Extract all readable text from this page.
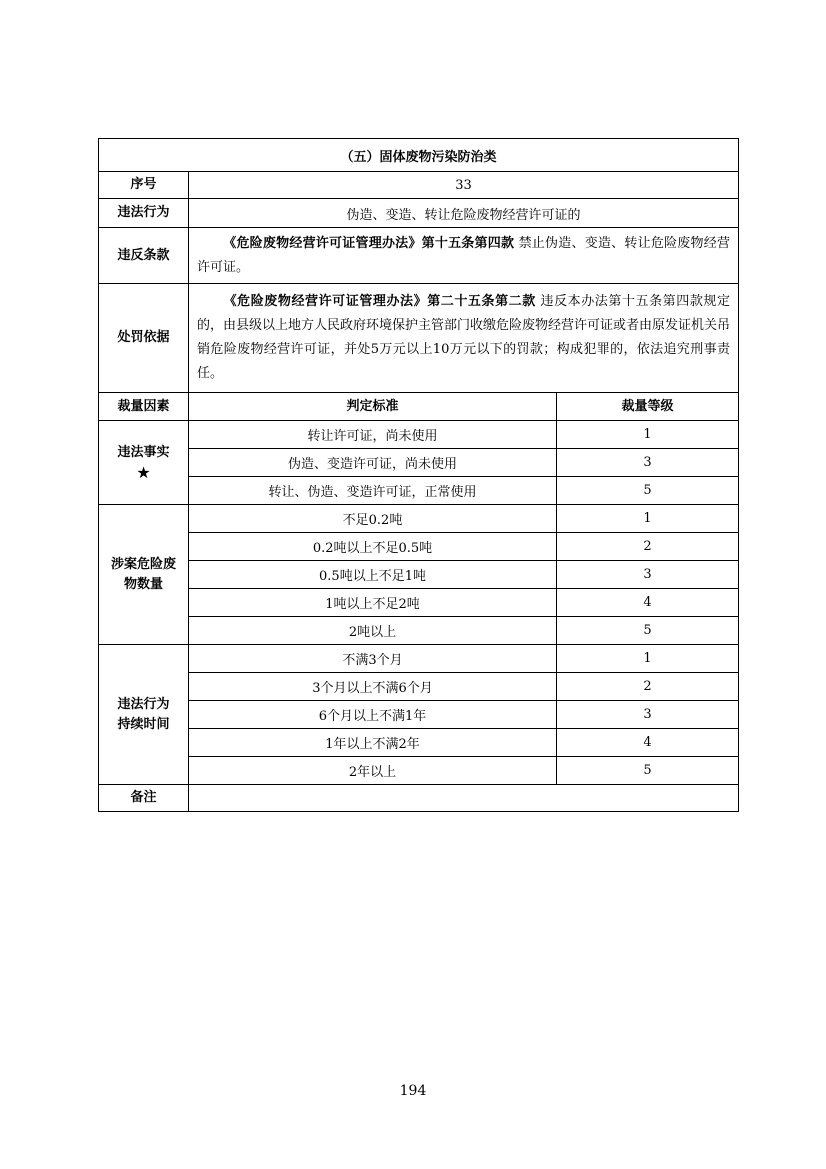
（五）固体废物污染防治类		
序号	33	
违法行为	伪造、变造、转让危险废物经营许可证的	
违反条款	《危险废物经营许可证管理办法》第十五条第四款 禁止伪造、变造、转让危险废物经营许可证。	
处罚依据	《危险废物经营许可证管理办法》第二十五条第二款 违反本办法第十五条第四款规定的，由县级以上地方人民政府环境保护主管部门收缴危险废物经营许可证或者由原发证机关吊销危险废物经营许可证，并处5万元以上10万元以下的罚款；构成犯罪的，依法追究刑事责任。	
裁量因素	判定标准	裁量等级

违法事实
★	转让许可证，尚未使用	1
	伪造、变造许可证，尚未使用	3
	转让、伪造、变造许可证，正常使用	5

涉案危险废
物数量	不足0.2吨	1
	0.2吨以上不足0.5吨	2
	0.5吨以上不足1吨	3
	1吨以上不足2吨	4
	2吨以上	5

违法行为
持续时间	不满3个月	1
	3个月以上不满6个月	2
	6个月以上不满1年	3
	1年以上不满2年	4
	2年以上	5
备注		
194
